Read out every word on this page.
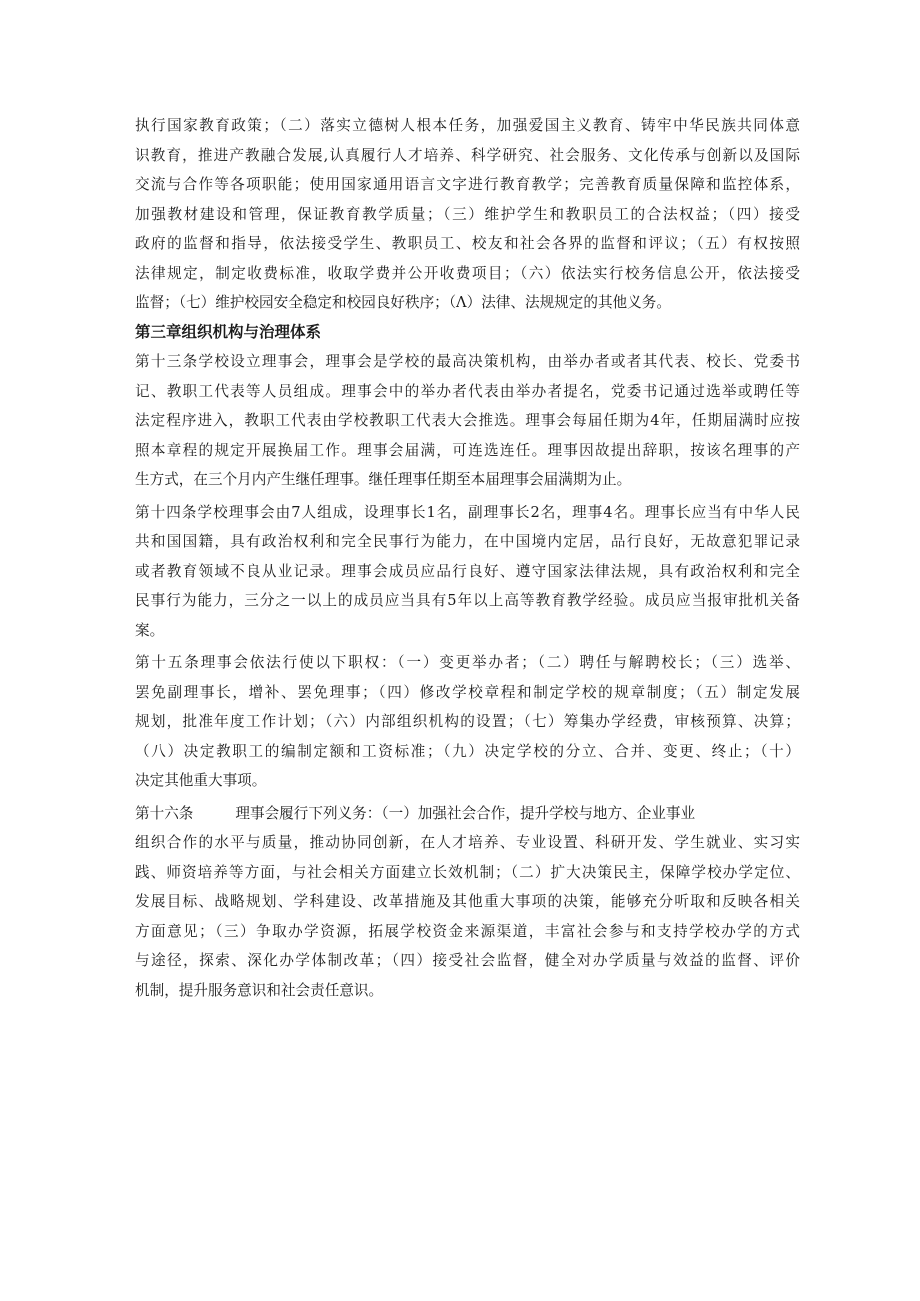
执行国家教育政策；（二）落实立德树人根本任务，加强爱国主义教育、铸牢中华民族共同体意
识教育，推进产教融合发展,认真履行人才培养、科学研究、社会服务、文化传承与创新以及国际
交流与合作等各项职能；使用国家通用语言文字进行教育教学；完善教育质量保障和监控体系，
加强教材建设和管理，保证教育教学质量；（三）维护学生和教职员工的合法权益；（四）接受
政府的监督和指导，依法接受学生、教职员工、校友和社会各界的监督和评议；（五）有权按照
法律规定，制定收费标准，收取学费并公开收费项目；（六）依法实行校务信息公开，依法接受
监督；（七）维护校园安全稳定和校园良好秩序；（Λ）法律、法规规定的其他义务。
第三章组织机构与治理体系
第十三条学校设立理事会，理事会是学校的最高决策机构，由举办者或者其代表、校长、党委书
记、教职工代表等人员组成。理事会中的举办者代表由举办者提名，党委书记通过选举或聘任等
法定程序进入，教职工代表由学校教职工代表大会推选。理事会每届任期为4年，任期届满时应按
照本章程的规定开展换届工作。理事会届满，可连选连任。理事因故提出辞职，按该名理事的产
生方式，在三个月内产生继任理事。继任理事任期至本届理事会届满期为止。
第十四条学校理事会由7人组成，设理事长1名，副理事长2名，理事4名。理事长应当有中华人民
共和国国籍，具有政治权利和完全民事行为能力，在中国境内定居，品行良好，无故意犯罪记录
或者教育领域不良从业记录。理事会成员应品行良好、遵守国家法律法规，具有政治权利和完全
民事行为能力，三分之一以上的成员应当具有5年以上高等教育教学经验。成员应当报审批机关备
案。
第十五条理事会依法行使以下职权：（一）变更举办者；（二）聘任与解聘校长；（三）选举、
罢免副理事长，增补、罢免理事；（四）修改学校章程和制定学校的规章制度；（五）制定发展
规划，批准年度工作计划；（六）内部组织机构的设置；（七）筹集办学经费，审核预算、决算；
（八）决定教职工的编制定额和工资标准；（九）决定学校的分立、合并、变更、终止；（十）
决定其他重大事项。
第十六条	理事会履行下列义务：（一）加强社会合作，提升学校与地方、企业事业
组织合作的水平与质量，推动协同创新，在人才培养、专业设置、科研开发、学生就业、实习实
践、师资培养等方面，与社会相关方面建立长效机制；（二）扩大决策民主，保障学校办学定位、
发展目标、战略规划、学科建设、改革措施及其他重大事项的决策，能够充分听取和反映各相关
方面意见；（三）争取办学资源，拓展学校资金来源渠道，丰富社会参与和支持学校办学的方式
与途径，探索、深化办学体制改革；（四）接受社会监督，健全对办学质量与效益的监督、评价
机制，提升服务意识和社会责任意识。
